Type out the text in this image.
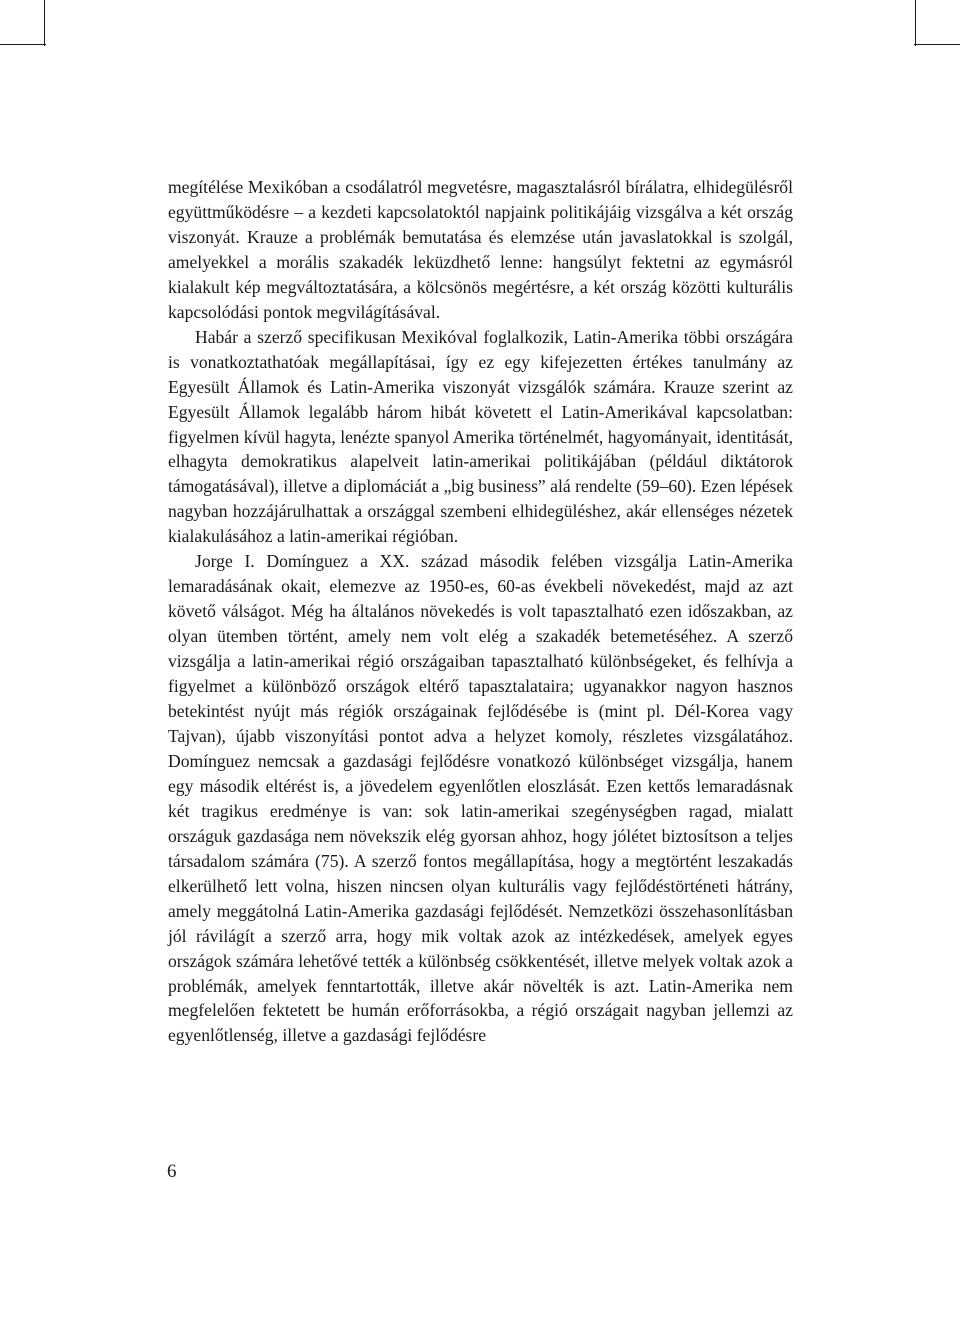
megítélése Mexikóban a csodálatról megvetésre, magasztalásról bírálatra, elhidegülésről együttműködésre – a kezdeti kapcsolatoktól napjaink politikájáig vizsgálva a két ország viszonyát. Krauze a problémák bemutatása és elemzése után javaslatokkal is szolgál, amelyekkel a morális szakadék leküzdhető lenne: hangsúlyt fektetni az egymásról kialakult kép megváltoztatására, a kölcsönös megértésre, a két ország közötti kulturális kapcsolódási pontok megvilágításával.

Habár a szerző specifikusan Mexikóval foglalkozik, Latin-Amerika többi országára is vonatkoztathatóak megállapításai, így ez egy kifejezetten értékes tanulmány az Egyesült Államok és Latin-Amerika viszonyát vizsgálók számára. Krauze szerint az Egyesült Államok legalább három hibát követett el Latin-Amerikával kapcsolatban: figyelmen kívül hagyta, lenézte spanyol Amerika történelmét, hagyományait, identitását, elhagyta demokratikus alapelveit latin-amerikai politikájában (például diktátorok támogatásával), illetve a diplomáciát a „big business” alá rendelte (59–60). Ezen lépések nagyban hozzájárulhattak a országgal szembeni elhidegüléshez, akár ellenséges nézetek kialakulásához a latin-amerikai régióban.

Jorge I. Domínguez a XX. század második felében vizsgálja Latin-Amerika lemaradásának okait, elemezve az 1950-es, 60-as évekbeli növekedést, majd az azt követő válságot. Még ha általános növekedés is volt tapasztalható ezen időszakban, az olyan ütemben történt, amely nem volt elég a szakadék betemetéséhez. A szerző vizsgálja a latin-amerikai régió országaiban tapasztalható különbségeket, és felhívja a figyelmet a különböző országok eltérő tapasztalataira; ugyanakkor nagyon hasznos betekintést nyújt más régiók országainak fejlődésébe is (mint pl. Dél-Korea vagy Tajvan), újabb viszonyítási pontot adva a helyzet komoly, részletes vizsgálatához. Domínguez nemcsak a gazdasági fejlődésre vonatkozó különbséget vizsgálja, hanem egy második eltérést is, a jövedelem egyenlőtlen eloszlását. Ezen kettős lemaradásnak két tragikus eredménye is van: sok latin-amerikai szegénységben ragad, mialatt országuk gazdasága nem növekszik elég gyorsan ahhoz, hogy jólétet biztosítson a teljes társadalom számára (75). A szerző fontos megállapítása, hogy a megtörtént leszakadás elkerülhető lett volna, hiszen nincsen olyan kulturális vagy fejlődéstörténeti hátrány, amely meggátolná Latin-Amerika gazdasági fejlődését. Nemzetközi összehasonlításban jól rávilágít a szerző arra, hogy mik voltak azok az intézkedések, amelyek egyes országok számára lehetővé tették a különbség csökkentését, illetve melyek voltak azok a problémák, amelyek fenntartották, illetve akár növelték is azt. Latin-Amerika nem megfelelően fektetett be humán erőforrásokba, a régió országait nagyban jellemzi az egyenlőtlenség, illetve a gazdasági fejlődésre

6
